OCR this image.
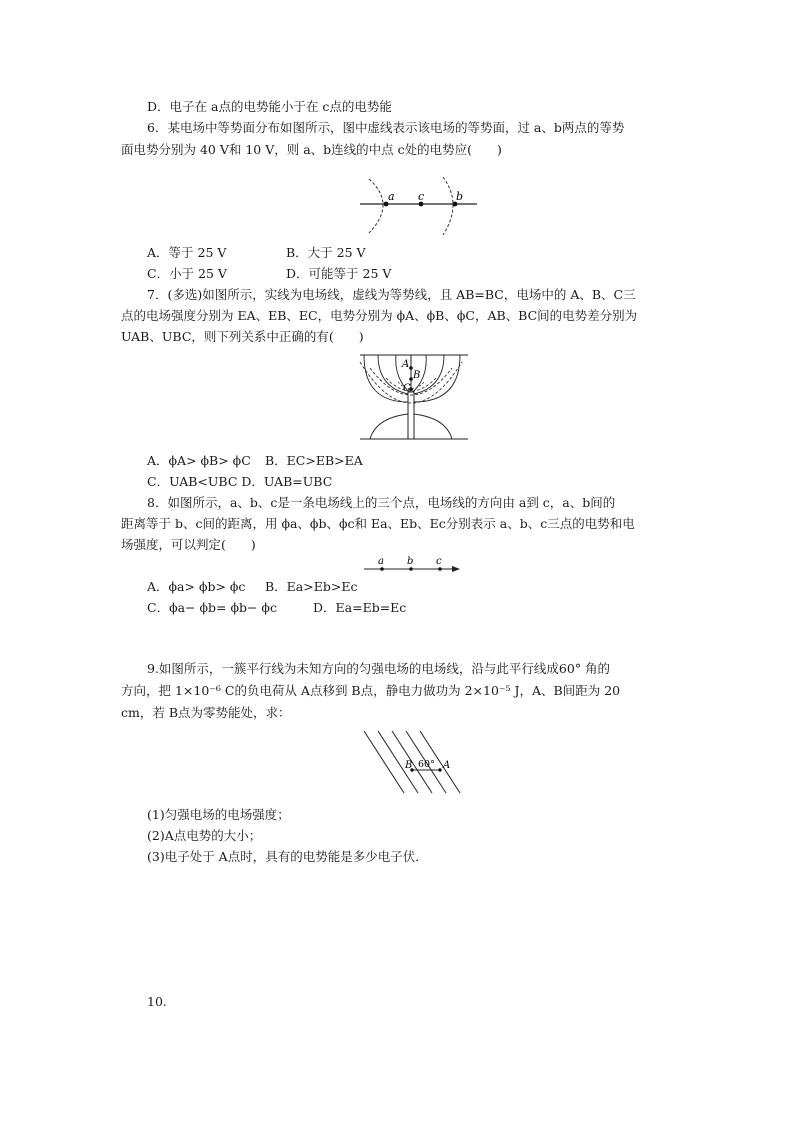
D．电子在 a点的电势能小于在 c点的电势能
6．某电场中等势面分布如图所示，图中虚线表示该电场的等势面，过 a、b两点的等势
面电势分别为 40 V和 10 V，则 a、b连线的中点 c处的电势应(　　)
a c	b
A．等于 25 V	B．大于 25 V
C．小于 25 V	D．可能等于 25 V
7．(多选)如图所示，实线为电场线，虚线为等势线，且 AB=BC，电场中的 A、B、C三
点的电场强度分别为 EA、EB、EC，电势分别为 ϕA、ϕB、ϕC，AB、BC间的电势差分别为
UAB、UBC，则下列关系中正确的有(　　)
A
B
C
A．ϕA> ϕB> ϕC B．EC>EB>EA
C．UAB<UBC D．UAB=UBC
8．如图所示，a、b、c是一条电场线上的三个点，电场线的方向由 a到 c，a、b间的
距离等于 b、c间的距离，用 ϕa、ϕb、ϕc和 Ea、Eb、Ec分别表示 a、b、c三点的电势和电
场强度，可以判定(　　)
a b c
A．ϕa> ϕb> ϕc B．Ea>Eb>Ec
C．ϕa− ϕb= ϕb− ϕc	D．Ea=Eb=Ec
9.如图所示，一簇平行线为未知方向的匀强电场的电场线，沿与此平行线成60° 角的
方向，把 1×10⁻⁶ C的负电荷从 A点移到 B点，静电力做功为 2×10⁻⁵ J，A、B间距为 20
cm，若 B点为零势能处，求：
B 60° A
(1)匀强电场的电场强度；
(2)A点电势的大小；
(3)电子处于 A点时，具有的电势能是多少电子伏．
10.
